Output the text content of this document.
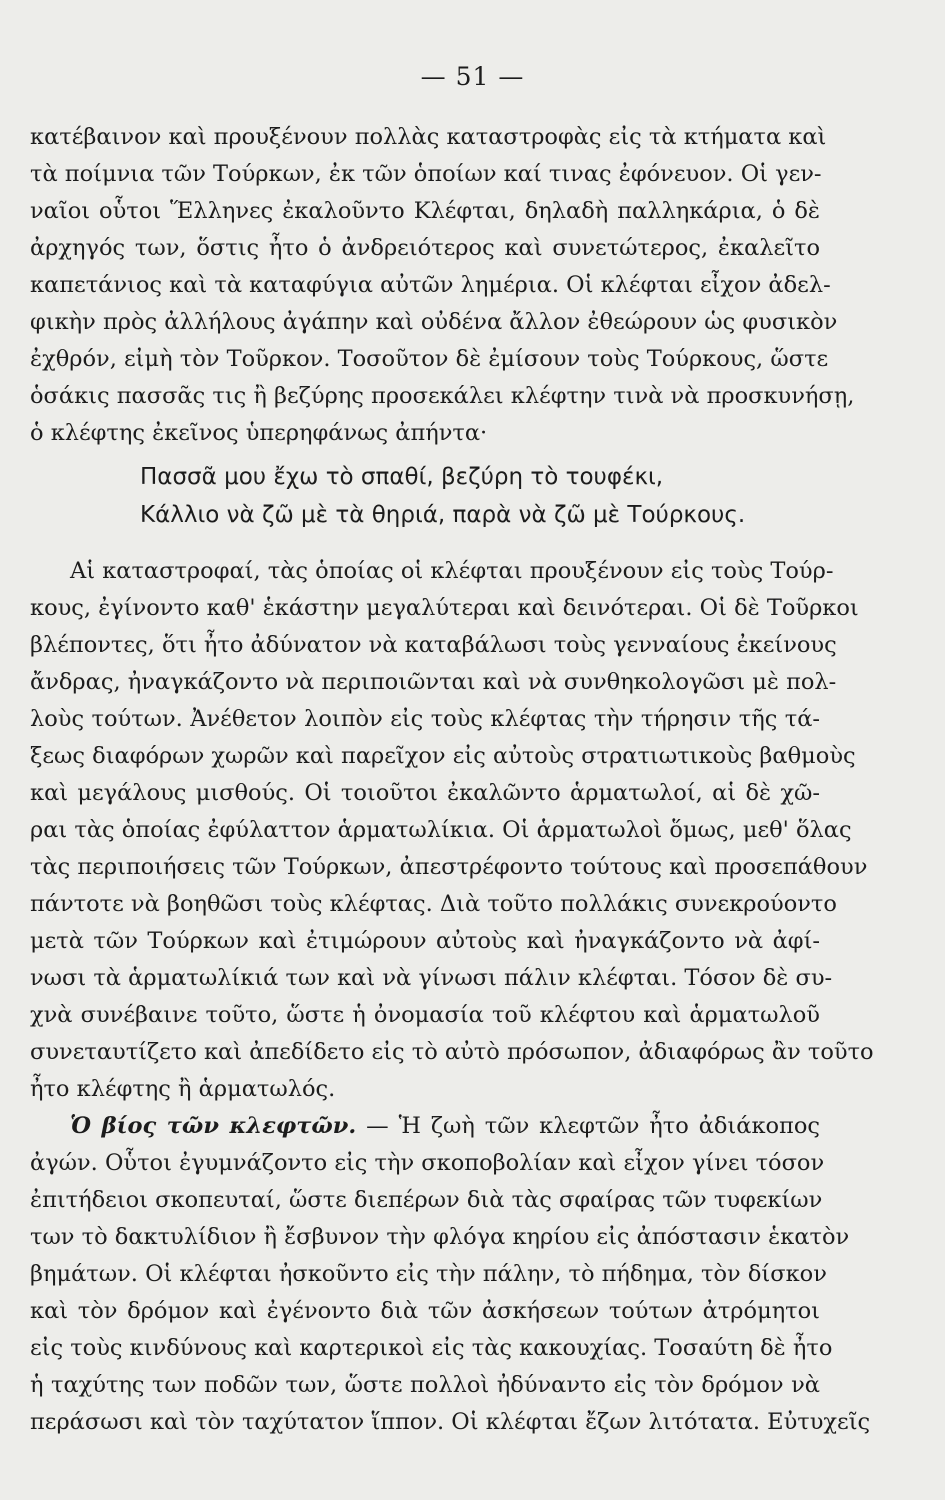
— 51 —
κατέβαινον καὶ προυξένουν πολλὰς καταστροφὰς εἰς τὰ κτήματα καὶ
τὰ ποίμνια τῶν Τούρκων, ἐκ τῶν ὁποίων καί τινας ἐφόνευον. Οἱ γεν-
ναῖοι οὗτοι Ἕλληνες ἐκαλοῦντο Κλέφται, δηλαδὴ παλληκάρια, ὁ δὲ
ἀρχηγός των, ὅστις ἦτο ὁ ἀνδρειότερος καὶ συνετώτερος, ἐκαλεῖτο
καπετάνιος καὶ τὰ καταφύγια αὐτῶν λημέρια. Οἱ κλέφται εἶχον ἀδελ-
φικὴν πρὸς ἀλλήλους ἀγάπην καὶ οὐδένα ἄλλον ἐθεώρουν ὡς φυσικὸν
ἐχθρόν, εἰμὴ τὸν Τοῦρκον. Τοσοῦτον δὲ ἐμίσουν τοὺς Τούρκους, ὥστε
ὁσάκις πασσᾶς τις ἢ βεζύρης προσεκάλει κλέφτην τινὰ νὰ προσκυνήσῃ,
ὁ κλέφτης ἐκεῖνος ὑπερηφάνως ἀπήντα·
Πασσᾶ μου ἔχω τὸ σπαθί, βεζύρη τὸ τουφέκι,
Κάλλιο νὰ ζῶ μὲ τὰ θηριά, παρὰ νὰ ζῶ μὲ Τούρκους.
Αἱ καταστροφαί, τὰς ὁποίας οἱ κλέφται προυξένουν εἰς τοὺς Τούρ-
κους, ἐγίνοντο καθ' ἑκάστην μεγαλύτεραι καὶ δεινότεραι. Οἱ δὲ Τοῦρκοι
βλέποντες, ὅτι ἦτο ἀδύνατον νὰ καταβάλωσι τοὺς γενναίους ἐκείνους
ἄνδρας, ἠναγκάζοντο νὰ περιποιῶνται καὶ νὰ συνθηκολογῶσι μὲ πολ-
λοὺς τούτων. Ἀνέθετον λοιπὸν εἰς τοὺς κλέφτας τὴν τήρησιν τῆς τά-
ξεως διαφόρων χωρῶν καὶ παρεῖχον εἰς αὐτοὺς στρατιωτικοὺς βαθμοὺς
καὶ μεγάλους μισθούς. Οἱ τοιοῦτοι ἐκαλῶντο ἁρματωλοί, αἱ δὲ χῶ-
ραι τὰς ὁποίας ἐφύλαττον ἁρματωλίκια. Οἱ ἁρματωλοὶ ὅμως, μεθ' ὅλας
τὰς περιποιήσεις τῶν Τούρκων, ἀπεστρέφοντο τούτους καὶ προσεπάθουν
πάντοτε νὰ βοηθῶσι τοὺς κλέφτας. Διὰ τοῦτο πολλάκις συνεκρούοντο
μετὰ τῶν Τούρκων καὶ ἐτιμώρουν αὐτοὺς καὶ ἠναγκάζοντο νὰ ἀφί-
νωσι τὰ ἁρματωλίκιά των καὶ νὰ γίνωσι πάλιν κλέφται. Τόσον δὲ συ-
χνὰ συνέβαινε τοῦτο, ὥστε ἡ ὀνομασία τοῦ κλέφτου καὶ ἁρματωλοῦ
συνεταυτίζετο καὶ ἀπεδίδετο εἰς τὸ αὐτὸ πρόσωπον, ἀδιαφόρως ἂν τοῦτο
ἦτο κλέφτης ἢ ἁρματωλός.
Ὁ βίος τῶν κλεφτῶν. — Ἡ ζωὴ τῶν κλεφτῶν ἦτο ἀδιάκοπος
ἀγών. Οὗτοι ἐγυμνάζοντο εἰς τὴν σκοποβολίαν καὶ εἶχον γίνει τόσον
ἐπιτήδειοι σκοπευταί, ὥστε διεπέρων διὰ τὰς σφαίρας τῶν τυφεκίων
των τὸ δακτυλίδιον ἢ ἔσβυνον τὴν φλόγα κηρίου εἰς ἀπόστασιν ἑκατὸν
βημάτων. Οἱ κλέφται ἠσκοῦντο εἰς τὴν πάλην, τὸ πήδημα, τὸν δίσκον
καὶ τὸν δρόμον καὶ ἐγένοντο διὰ τῶν ἀσκήσεων τούτων ἀτρόμητοι
εἰς τοὺς κινδύνους καὶ καρτερικοὶ εἰς τὰς κακουχίας. Τοσαύτη δὲ ἦτο
ἡ ταχύτης των ποδῶν των, ὥστε πολλοὶ ἠδύναντο εἰς τὸν δρόμον νὰ
περάσωσι καὶ τὸν ταχύτατον ἵππον. Οἱ κλέφται ἔζων λιτότατα. Εὐτυχεῖς
